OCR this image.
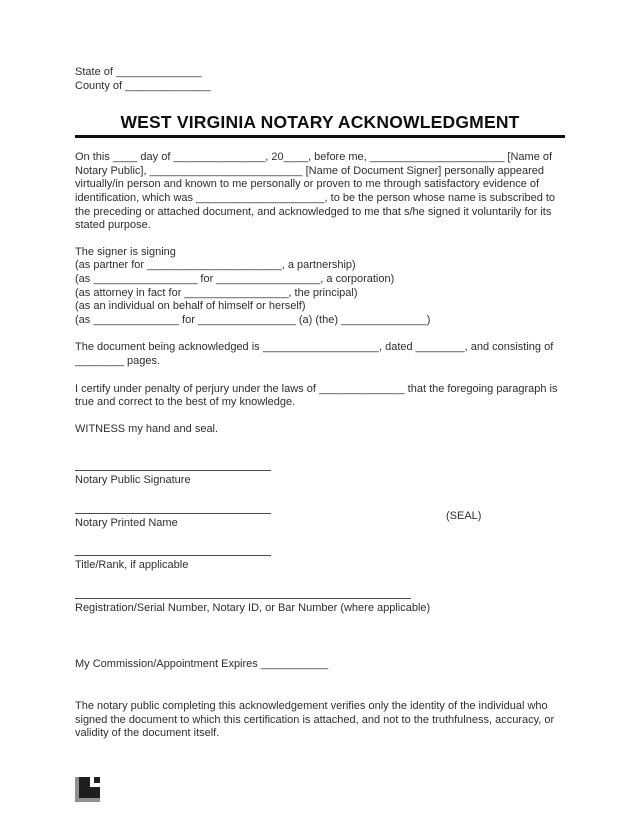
State of ______________
County of ______________
WEST VIRGINIA NOTARY ACKNOWLEDGMENT

On this ____ day of _______________, 20____, before me, ______________________ [Name of Notary Public], _________________________ [Name of Document Signer] personally appeared virtually/in person and known to me personally or proven to me through satisfactory evidence of identification, which was _____________________, to be the person whose name is subscribed to the preceding or attached document, and acknowledged to me that s/he signed it voluntarily for its stated purpose.

The signer is signing
(as partner for ______________________, a partnership)
(as _________________ for _________________, a corporation)
(as attorney in fact for _________________, the principal)
(as an individual on behalf of himself or herself)
(as ______________ for ________________ (a) (the) ______________)

The document being acknowledged is ___________________, dated ________, and consisting of ________ pages.

I certify under penalty of perjury under the laws of ______________ that the foregoing paragraph is true and correct to the best of my knowledge.

WITNESS my hand and seal.
Notary Public Signature
Notary Printed Name
(SEAL)
Title/Rank, if applicable
Registration/Serial Number, Notary ID, or Bar Number (where applicable)
My Commission/Appointment Expires ___________

The notary public completing this acknowledgement verifies only the identity of the individual who signed the document to which this certification is attached, and not to the truthfulness, accuracy, or validity of the document itself.
